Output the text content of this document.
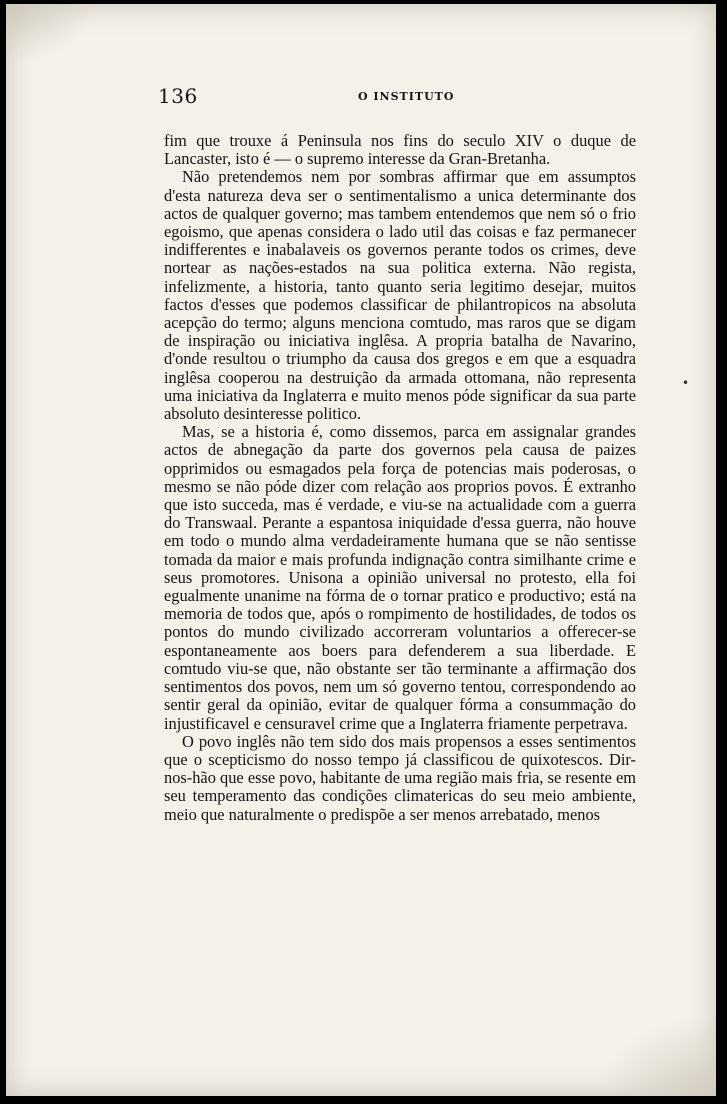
136	O INSTITUTO

fim que trouxe á Peninsula nos fins do seculo XIV o duque de Lancaster, isto é — o supremo interesse da Gran-Bretanha.

Não pretendemos nem por sombras affirmar que em assumptos d'esta natureza deva ser o sentimentalismo a unica determinante dos actos de qualquer governo; mas tambem entendemos que nem só o frio egoismo, que apenas considera o lado util das coisas e faz permanecer indifferentes e inabalaveis os governos perante todos os crimes, deve nortear as nações-estados na sua politica externa. Não regista, infelizmente, a historia, tanto quanto seria legitimo desejar, muitos factos d'esses que podemos classificar de philantropicos na absoluta acepção do termo; alguns menciona comtudo, mas raros que se digam de inspiração ou iniciativa inglêsa. A propria batalha de Navarino, d'onde resultou o triumpho da causa dos gregos e em que a esquadra inglêsa cooperou na destruição da armada ottomana, não representa uma iniciativa da Inglaterra e muito menos póde significar da sua parte absoluto desinteresse politico.

Mas, se a historia é, como dissemos, parca em assignalar grandes actos de abnegação da parte dos governos pela causa de paizes opprimidos ou esmagados pela força de potencias mais poderosas, o mesmo se não póde dizer com relação aos proprios povos. É extranho que isto succeda, mas é verdade, e viu-se na actualidade com a guerra do Transwaal. Perante a espantosa iniquidade d'essa guerra, não houve em todo o mundo alma verdadeiramente humana que se não sentisse tomada da maior e mais profunda indignação contra similhante crime e seus promotores. Unisona a opinião universal no protesto, ella foi egualmente unanime na fórma de o tornar pratico e productivo; está na memoria de todos que, após o rompimento de hostilidades, de todos os pontos do mundo civilizado accorreram voluntarios a offerecer-se espontaneamente aos boers para defenderem a sua liberdade. E comtudo viu-se que, não obstante ser tão terminante a affirmação dos sentimentos dos povos, nem um só governo tentou, correspondendo ao sentir geral da opinião, evitar de qualquer fórma a consummação do injustificavel e censuravel crime que a Inglaterra friamente perpetrava.

O povo inglês não tem sido dos mais propensos a esses sentimentos que o scepticismo do nosso tempo já classificou de quixotescos. Dir-nos-hão que esse povo, habitante de uma região mais fria, se resente em seu temperamento das condições climatericas do seu meio ambiente, meio que naturalmente o predispõe a ser menos arrebatado, menos

•
